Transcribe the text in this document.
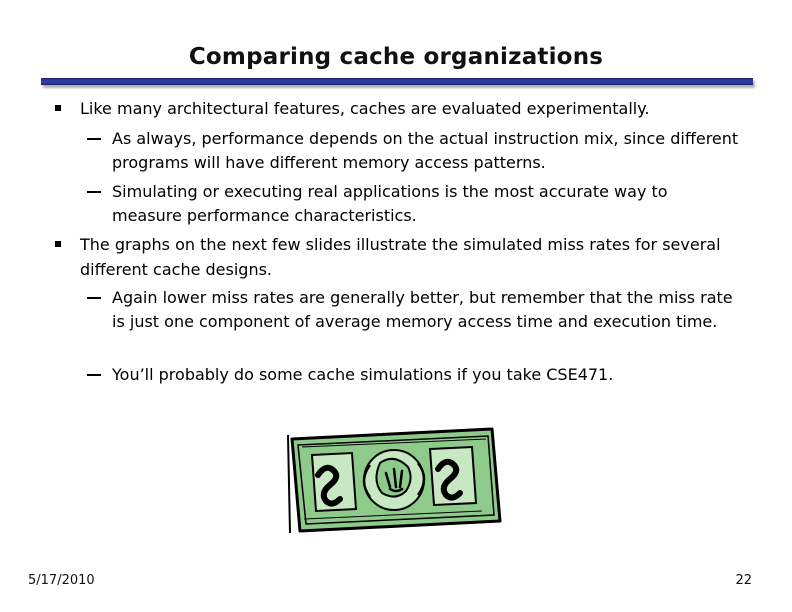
Comparing cache organizations
Like many architectural features, caches are evaluated experimentally.
As always, performance depends on the actual instruction mix, since different programs will have different memory access patterns.
Simulating or executing real applications is the most accurate way to measure performance characteristics.
The graphs on the next few slides illustrate the simulated miss rates for several different cache designs.
Again lower miss rates are generally better, but remember that the miss rate is just one component of average memory access time and execution time.
You’ll probably do some cache simulations if you take CSE471.
5/17/2010	22
